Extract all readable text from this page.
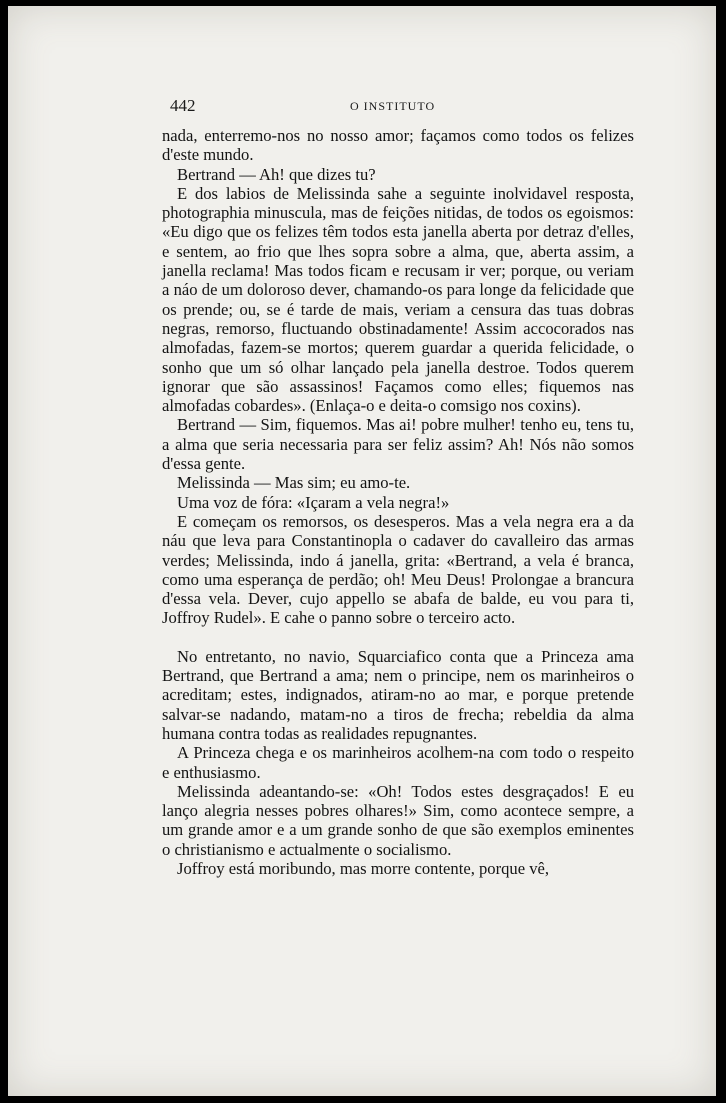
442	O INSTITUTO

nada, enterremo-nos no nosso amor; façamos como todos os felizes d'este mundo.

Bertrand — Ah! que dizes tu?

E dos labios de Melissinda sahe a seguinte inolvidavel resposta, photographia minuscula, mas de feições nitidas, de todos os egoismos: «Eu digo que os felizes têm todos esta janella aberta por detraz d'elles, e sentem, ao frio que lhes sopra sobre a alma, que, aberta assim, a janella reclama! Mas todos ficam e recusam ir ver; porque, ou veriam a náo de um doloroso dever, chamando-os para longe da felicidade que os prende; ou, se é tarde de mais, veriam a censura das tuas dobras negras, remorso, fluctuando obstinadamente! Assim accocorados nas almofadas, fazem-se mortos; querem guardar a querida felicidade, o sonho que um só olhar lançado pela janella destroe. Todos querem ignorar que são assassinos! Façamos como elles; fiquemos nas almofadas cobardes». (Enlaça-o e deita-o comsigo nos coxins).

Bertrand — Sim, fiquemos. Mas ai! pobre mulher! tenho eu, tens tu, a alma que seria necessaria para ser feliz assim? Ah! Nós não somos d'essa gente.

Melissinda — Mas sim; eu amo-te.

Uma voz de fóra: «Içaram a vela negra!»

E começam os remorsos, os desesperos. Mas a vela negra era a da náu que leva para Constantinopla o cadaver do cavalleiro das armas verdes; Melissinda, indo á janella, grita: «Bertrand, a vela é branca, como uma esperança de perdão; oh! Meu Deus! Prolongae a brancura d'essa vela. Dever, cujo appello se abafa de balde, eu vou para ti, Joffroy Rudel». E cahe o panno sobre o terceiro acto.

No entretanto, no navio, Squarciafico conta que a Princeza ama Bertrand, que Bertrand a ama; nem o principe, nem os marinheiros o acreditam; estes, indignados, atiram-no ao mar, e porque pretende salvar-se nadando, matam-no a tiros de frecha; rebeldia da alma humana contra todas as realidades repugnantes.

A Princeza chega e os marinheiros acolhem-na com todo o respeito e enthusiasmo.

Melissinda adeantando-se: «Oh! Todos estes desgraçados! E eu lanço alegria nesses pobres olhares!» Sim, como acontece sempre, a um grande amor e a um grande sonho de que são exemplos eminentes o christianismo e actualmente o socialismo.

Joffroy está moribundo, mas morre contente, porque vê,
